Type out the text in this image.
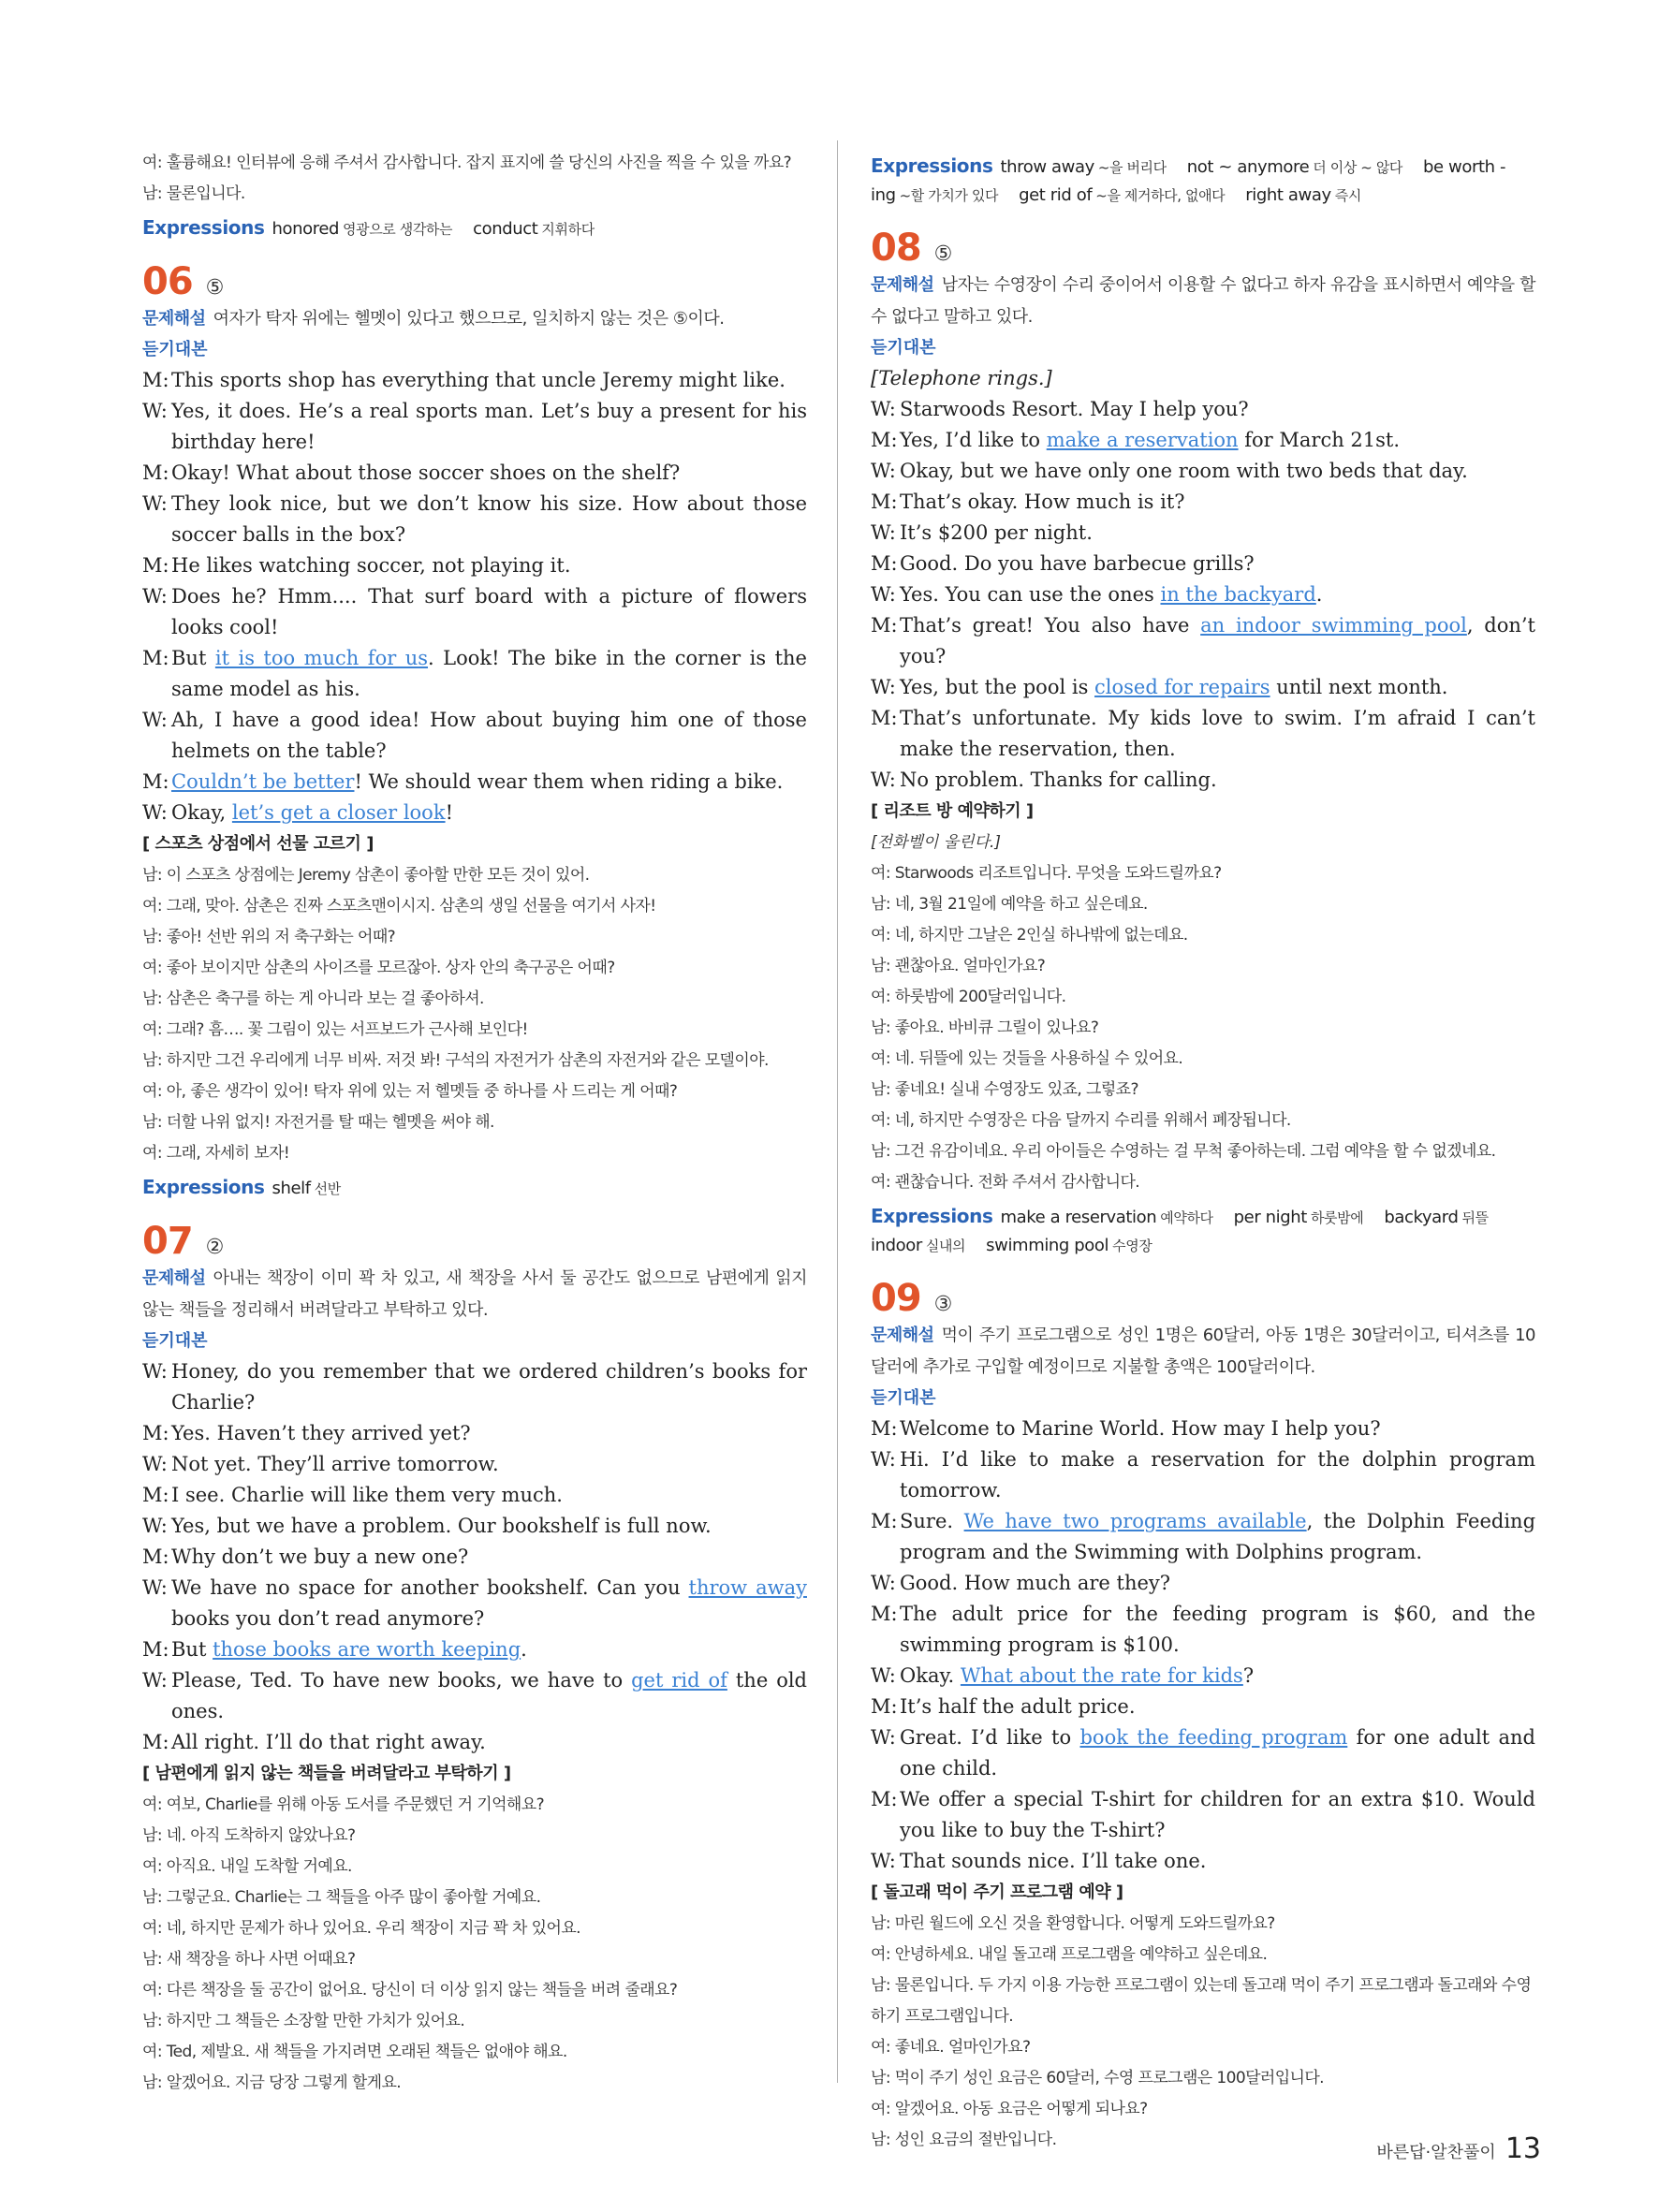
여: 훌륭해요! 인터뷰에 응해 주셔서 감사합니다. 잡지 표지에 쓸 당신의 사진을 찍을 수 있을 까요?
남: 물론입니다.
Expressions honored 영광으로 생각하는 conduct 지휘하다
06 ⑤
문제해설 여자가 탁자 위에는 헬멧이 있다고 했으므로, 일치하지 않는 것은 ⑤이다.
듣기대본
M: This sports shop has everything that uncle Jeremy might like.
W: Yes, it does. He’s a real sports man. Let’s buy a present for his birthday here!
M: Okay! What about those soccer shoes on the shelf?
W: They look nice, but we don’t know his size. How about those soccer balls in the box?
M: He likes watching soccer, not playing it.
W: Does he? Hmm.... That surf board with a picture of flowers looks cool!
M: But it is too much for us. Look! The bike in the corner is the same model as his.
W: Ah, I have a good idea! How about buying him one of those helmets on the table?
M: Couldn’t be better! We should wear them when riding a bike.
W: Okay, let’s get a closer look!
[ 스포츠 상점에서 선물 고르기 ]
남: 이 스포츠 상점에는 Jeremy 삼촌이 좋아할 만한 모든 것이 있어.
여: 그래, 맞아. 삼촌은 진짜 스포츠맨이시지. 삼촌의 생일 선물을 여기서 사자!
남: 좋아! 선반 위의 저 축구화는 어때?
여: 좋아 보이지만 삼촌의 사이즈를 모르잖아. 상자 안의 축구공은 어때?
남: 삼촌은 축구를 하는 게 아니라 보는 걸 좋아하셔.
여: 그래? 흠…. 꽃 그림이 있는 서프보드가 근사해 보인다!
남: 하지만 그건 우리에게 너무 비싸. 저것 봐! 구석의 자전거가 삼촌의 자전거와 같은 모델이야.
여: 아, 좋은 생각이 있어! 탁자 위에 있는 저 헬멧들 중 하나를 사 드리는 게 어때?
남: 더할 나위 없지! 자전거를 탈 때는 헬멧을 써야 해.
여: 그래, 자세히 보자!
Expressions shelf 선반
07 ②
문제해설 아내는 책장이 이미 꽉 차 있고, 새 책장을 사서 둘 공간도 없으므로 남편에게 읽지 않는 책들을 정리해서 버려달라고 부탁하고 있다.
듣기대본
W: Honey, do you remember that we ordered children’s books for Charlie?
M: Yes. Haven’t they arrived yet?
W: Not yet. They’ll arrive tomorrow.
M: I see. Charlie will like them very much.
W: Yes, but we have a problem. Our bookshelf is full now.
M: Why don’t we buy a new one?
W: We have no space for another bookshelf. Can you throw away books you don’t read anymore?
M: But those books are worth keeping.
W: Please, Ted. To have new books, we have to get rid of the old ones.
M: All right. I’ll do that right away.
[ 남편에게 읽지 않는 책들을 버려달라고 부탁하기 ]
여: 여보, Charlie를 위해 아동 도서를 주문했던 거 기억해요?
남: 네. 아직 도착하지 않았나요?
여: 아직요. 내일 도착할 거예요.
남: 그렇군요. Charlie는 그 책들을 아주 많이 좋아할 거예요.
여: 네, 하지만 문제가 하나 있어요. 우리 책장이 지금 꽉 차 있어요.
남: 새 책장을 하나 사면 어때요?
여: 다른 책장을 둘 공간이 없어요. 당신이 더 이상 읽지 않는 책들을 버려 줄래요?
남: 하지만 그 책들은 소장할 만한 가치가 있어요.
여: Ted, 제발요. 새 책들을 가지려면 오래된 책들은 없애야 해요.
남: 알겠어요. 지금 당장 그렇게 할게요.
Expressions throw away ~을 버리다 not ~ anymore 더 이상 ~ 않다 be worth -ing ~할 가치가 있다 get rid of ~을 제거하다, 없애다 right away 즉시
08 ⑤
문제해설 남자는 수영장이 수리 중이어서 이용할 수 없다고 하자 유감을 표시하면서 예약을 할 수 없다고 말하고 있다.
듣기대본
[Telephone rings.]
W: Starwoods Resort. May I help you?
M: Yes, I’d like to make a reservation for March 21st.
W: Okay, but we have only one room with two beds that day.
M: That’s okay. How much is it?
W: It’s $200 per night.
M: Good. Do you have barbecue grills?
W: Yes. You can use the ones in the backyard.
M: That’s great! You also have an indoor swimming pool, don’t you?
W: Yes, but the pool is closed for repairs until next month.
M: That’s unfortunate. My kids love to swim. I’m afraid I can’t make the reservation, then.
W: No problem. Thanks for calling.
[ 리조트 방 예약하기 ]
[전화벨이 울린다.]
여: Starwoods 리조트입니다. 무엇을 도와드릴까요?
남: 네, 3월 21일에 예약을 하고 싶은데요.
여: 네, 하지만 그날은 2인실 하나밖에 없는데요.
남: 괜찮아요. 얼마인가요?
여: 하룻밤에 200달러입니다.
남: 좋아요. 바비큐 그릴이 있나요?
여: 네. 뒤뜰에 있는 것들을 사용하실 수 있어요.
남: 좋네요! 실내 수영장도 있죠, 그렇죠?
여: 네, 하지만 수영장은 다음 달까지 수리를 위해서 폐장됩니다.
남: 그건 유감이네요. 우리 아이들은 수영하는 걸 무척 좋아하는데. 그럼 예약을 할 수 없겠네요.
여: 괜찮습니다. 전화 주셔서 감사합니다.
Expressions make a reservation 예약하다 per night 하룻밤에 backyard 뒤뜰indoor 실내의 swimming pool 수영장
09 ③
문제해설 먹이 주기 프로그램으로 성인 1명은 60달러, 아동 1명은 30달러이고, 티셔츠를 10달러에 추가로 구입할 예정이므로 지불할 총액은 100달러이다.
듣기대본
M: Welcome to Marine World. How may I help you?
W: Hi. I’d like to make a reservation for the dolphin program tomorrow.
M: Sure. We have two programs available, the Dolphin Feeding program and the Swimming with Dolphins program.
W: Good. How much are they?
M: The adult price for the feeding program is $60, and the swimming program is $100.
W: Okay. What about the rate for kids?
M: It’s half the adult price.
W: Great. I’d like to book the feeding program for one adult and one child.
M: We offer a special T-shirt for children for an extra $10. Would you like to buy the T-shirt?
W: That sounds nice. I’ll take one.
[ 돌고래 먹이 주기 프로그램 예약 ]
남: 마린 월드에 오신 것을 환영합니다. 어떻게 도와드릴까요?
여: 안녕하세요. 내일 돌고래 프로그램을 예약하고 싶은데요.
남: 물론입니다. 두 가지 이용 가능한 프로그램이 있는데 돌고래 먹이 주기 프로그램과 돌고래와 수영하기 프로그램입니다.
여: 좋네요. 얼마인가요?
남: 먹이 주기 성인 요금은 60달러, 수영 프로그램은 100달러입니다.
여: 알겠어요. 아동 요금은 어떻게 되나요?
남: 성인 요금의 절반입니다.
바른답·알찬풀이 13
